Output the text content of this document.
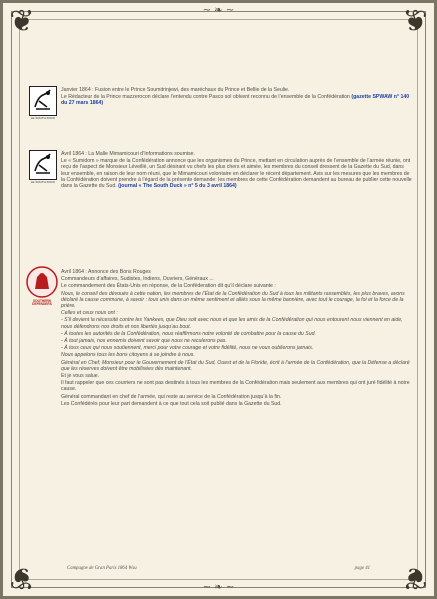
❦	❦
❦	❦
~ ❧ ~
~ ❧ ~
LE SOUTH DUCK

Janvier 1864 : Fusion entre le Prince Soumitrinjewi, des maréchaux du Prince et Bellie de la Seulie.

Le Rédacteur de la Prince mazzerocon déclare l’entendu contre Pasco sol oblvent reconnu de l’ensemble de la Confédération (gazette SPWAW n° 140 du 27 mars 1864)

LE SOUTH DUCK

Avril 1864 : La Malle Mimamicouri d’Informations soumise.

Le « Sumidom » marque de la Confédération annonce que les organismes du Prince, mettant en circulation auprès de l’ensemble de l’armée réunie, ont reçu de l’aspect de Monsieur Léveillé, un Sud désirant vu chefs les plus chers et aimée, les membres du conseil dressent de la Gazette du Sud, dans leur ensemble, en raison de leur nom réuni, que le Mimamicouri volontaire en déclarer le récent département. Avis sur les mesures que les membres de la Confédération doivent prendre à l’égard de la présente demande: les membres de cette Confédération demandent au bureau de publier cette nouvelle dans la Gazette du Sud. (journal « The South Duck » n° 5 du 3 avril 1864)

SOUTHERN DEFENDERS

Avril 1864 : Annonce des Bons Rouges

Commandeurs d’affaires, Sudistes, Indiens, Ouvriers, Généraux ...

Le commandement des États-Unis en réponse, de la Conféderation dit qu’il déclare suivante :

Nous, le conseil des dévoués à cette nation, les membres de l’État de la Confédération du Sud à tous les militants rassemblés, les plus braves, avons déclaré la cause commune, à savoir : tous unis dans un même sentiment et alliés sous la même bannière, avec tout le courage, la foi et la force de la prière.

Celles et ceux nous ont :

- S’il devient la nécessité contre les Yankees, que Dieu soit avec nous et que les amis de la Confédération qui nous entourent nous viennent en aide, nous défendrons nos droits et nos libertés jusqu’au bout.

- À toutes les autorités de la Confédération, nous réaffirmons notre volonté de combattre pour la cause du Sud.

- À tout jamais, nos ennemis doivent savoir que nous ne reculerons pas.

- À tous ceux qui nous soutiennent, merci pour votre courage et votre fidélité, nous ne vous oublierons jamais.

Nous appelons tous les bons citoyens à se joindre à nous.

Général en Chef, Monsieur pour le Gouvernement de l’État du Sud, Ouest et de la Floride, écrit à l’armée de la Confédération, que la Défense a déclaré que les réserves doivent être mobilisées dès maintenant.

Et je vous salue.

Il faut rappeler que ces courriers ne sont pas destinés à tous les membres de la Confédération mais seulement aux membres qui ont juré fidélité à notre cause.

Général commandant en chef de l’armée, qui reste au service de la Confédération jusqu’à la fin.

Les Confédérés pour leur part demandent à ce que tout cela soit publié dans la Gazette du Sud.

Campagne de Gran Paris 1864 Wsu	page 41
